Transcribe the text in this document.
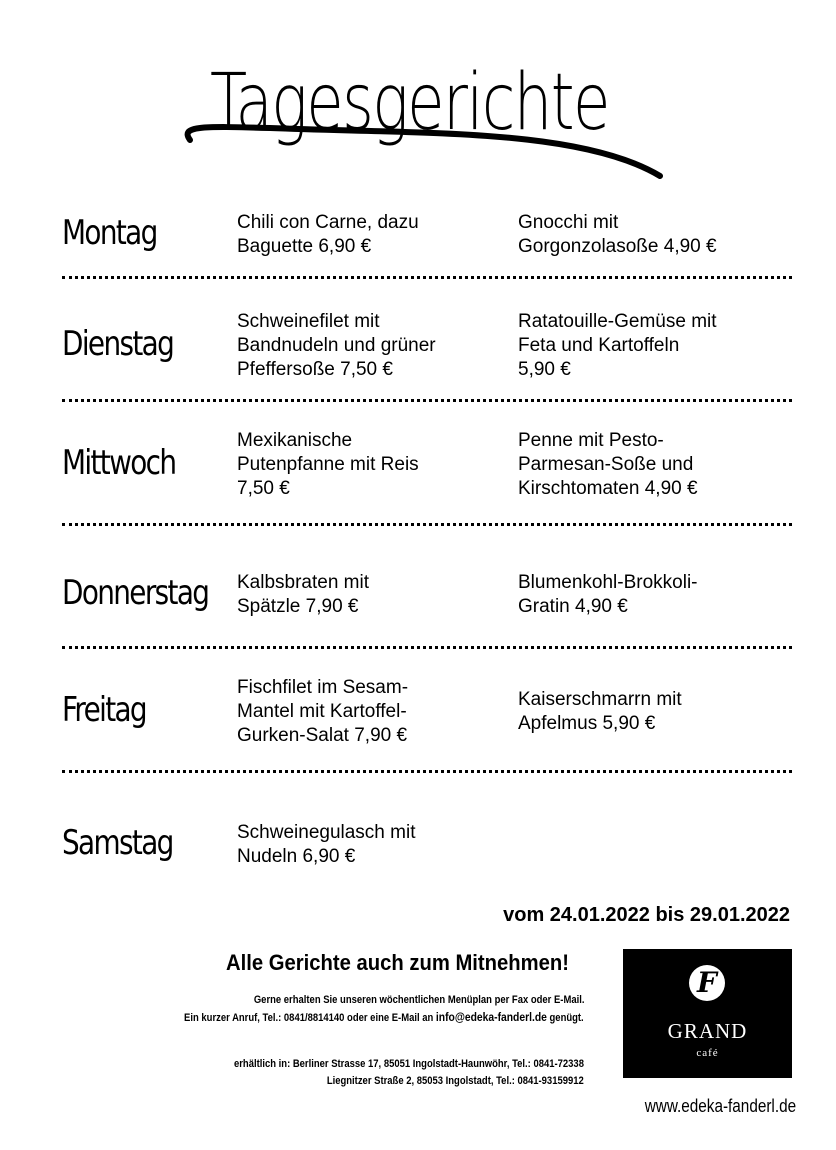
Tagesgerichte
Montag	Chili con Carne, dazu
Baguette 6,90 €
Gnocchi mit
Gorgonzolasoße 4,90 €
Dienstag
Schweinefilet mit
Bandnudeln und grüner
Pfeffersoße 7,50 €
Ratatouille-Gemüse mit
Feta und Kartoffeln
5,90 €
Mittwoch
Mexikanische
Putenpfanne mit Reis
7,50 €
Penne mit Pesto-
Parmesan-Soße und
Kirschtomaten 4,90 €
Donnerstag Kalbsbraten mit
Spätzle 7,90 €
Blumenkohl-Brokkoli-
Gratin 4,90 €
Freitag
Fischfilet im Sesam-
Mantel mit Kartoffel-
Gurken-Salat 7,90 €
Kaiserschmarrn mit
Apfelmus 5,90 €
Samstag	Schweinegulasch mit
Nudeln 6,90 €
vom 24.01.2022 bis 29.01.2022
Alle Gerichte auch zum Mitnehmen!
Gerne erhalten Sie unseren wöchentlichen Menüplan per Fax oder E-Mail.
Ein kurzer Anruf, Tel.: 0841/8814140 oder eine E-Mail an info@edeka-fanderl.de genügt.
erhältlich in: Berliner Strasse 17, 85051 Ingolstadt-Haunwöhr, Tel.: 0841-72338
Liegnitzer Straße 2, 85053 Ingolstadt, Tel.: 0841-93159912
F
GRAND
café
www.edeka-fanderl.de
